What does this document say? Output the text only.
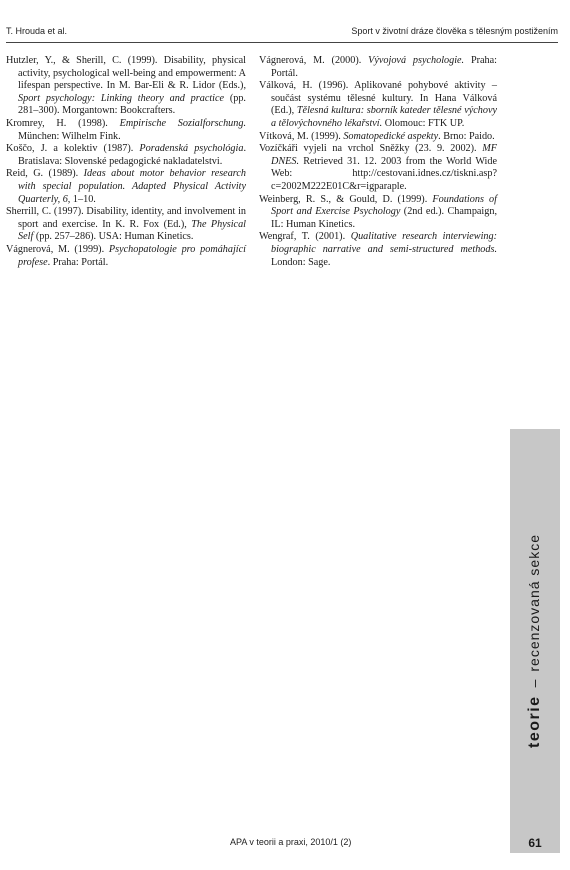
T. Hrouda et al.	Sport v životní dráze člověka s tělesným postižením

Hutzler, Y., & Sherill, C. (1999). Disability, physical activity, psychological well-being and empowerment: A lifespan perspective. In M. Bar-Eli & R. Lidor (Eds.), Sport psychology: Linking theory and practice (pp. 281–300). Morgantown: Bookcrafters.

Kromrey, H. (1998). Empirische Sozialforschung. München: Wilhelm Fink.

Koščo, J. a kolektiv (1987). Poradenská psychológia. Bratislava: Slovenské pedagogické nakladatelstvi.

Reid, G. (1989). Ideas about motor behavior research with special population. Adapted Physical Activity Quarterly, 6, 1–10.

Sherrill, C. (1997). Disability, identity, and involvement in sport and exercise. In K. R. Fox (Ed.), The Physical Self (pp. 257–286). USA: Human Kinetics.

Vágnerová, M. (1999). Psychopatologie pro pomáhající profese. Praha: Portál.

Vágnerová, M. (2000). Vývojová psychologie. Praha: Portál.

Válková, H. (1996). Aplikované pohybové aktivity – součást systému tělesné kultury. In Hana Válková (Ed.), Tělesná kultura: sborník kateder tělesné výchovy a tělovýchovného lékařství. Olomouc: FTK UP.

Vítková, M. (1999). Somatopedické aspekty. Brno: Paido.

Vozíčkáři vyjeli na vrchol Sněžky (23. 9. 2002). MF DNES. Retrieved 31. 12. 2003 from the World Wide Web: http://cestovani.idnes.cz/tiskni.asp?c=2002M222E01C&r=igparaple.

Weinberg, R. S., & Gould, D. (1999). Foundations of Sport and Exercise Psychology (2nd ed.). Champaign, IL: Human Kinetics.

Wengraf, T. (2001). Qualitative research interviewing: biographic narrative and semi-structured methods. London: Sage.

teorie–recenzovaná sekce
APA v teorii a praxi, 2010/1 (2)	61
